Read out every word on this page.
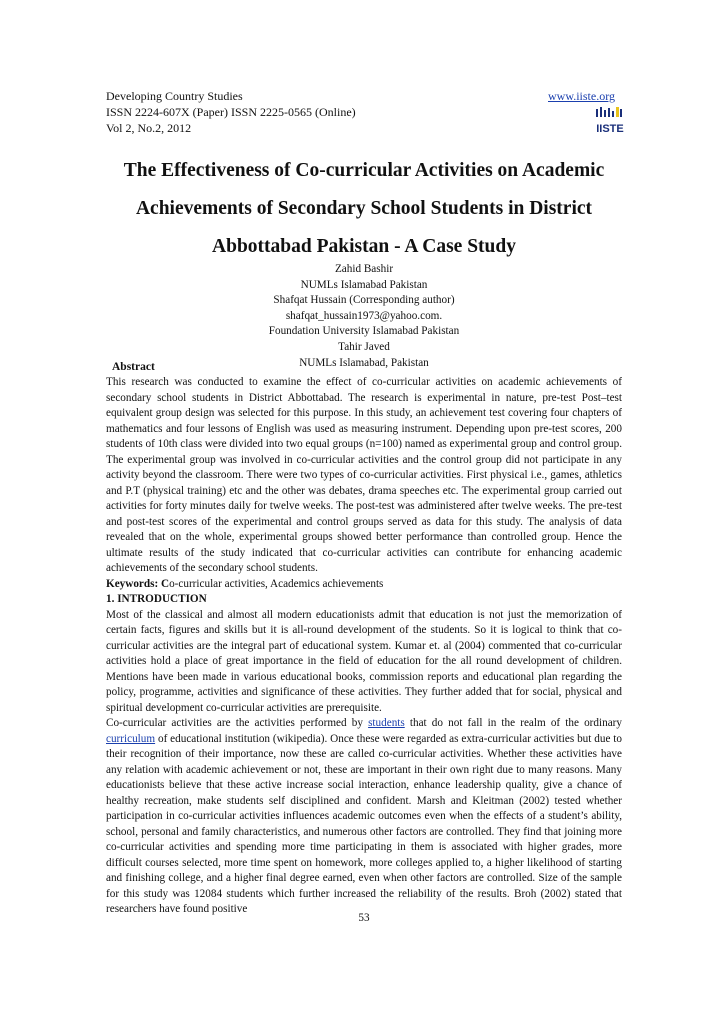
Developing Country Studies
ISSN 2224-607X (Paper) ISSN 2225-0565 (Online)
Vol 2, No.2, 2012
www.iiste.org
IISTE
The Effectiveness of Co-curricular Activities on Academic
Achievements of Secondary School Students in District
Abbottabad Pakistan - A Case Study
Zahid Bashir
NUMLs Islamabad Pakistan
Shafqat Hussain (Corresponding author)
shafqat_hussain1973@yahoo.com.
Foundation University Islamabad Pakistan
Tahir Javed
NUMLs Islamabad, Pakistan
Abstract

This research was conducted to examine the effect of co-curricular activities on academic achievements of secondary school students in District Abbottabad. The research is experimental in nature, pre-test Post–test equivalent group design was selected for this purpose. In this study, an achievement test covering four chapters of mathematics and four lessons of English was used as measuring instrument. Depending upon pre-test scores, 200 students of 10th class were divided into two equal groups (n=100) named as experimental group and control group. The experimental group was involved in co-curricular activities and the control group did not participate in any activity beyond the classroom. There were two types of co-curricular activities. First physical i.e., games, athletics and P.T (physical training) etc and the other was debates, drama speeches etc. The experimental group carried out activities for forty minutes daily for twelve weeks. The post-test was administered after twelve weeks. The pre-test and post-test scores of the experimental and control groups served as data for this study. The analysis of data revealed that on the whole, experimental groups showed better performance than controlled group. Hence the ultimate results of the study indicated that co-curricular activities can contribute for enhancing academic achievements of the secondary school students.

Keywords: Co-curricular activities, Academics achievements

1. INTRODUCTION

Most of the classical and almost all modern educationists admit that education is not just the memorization of certain facts, figures and skills but it is all-round development of the students. So it is logical to think that co-curricular activities are the integral part of educational system. Kumar et. al (2004) commented that co-curricular activities hold a place of great importance in the field of education for the all round development of children. Mentions have been made in various educational books, commission reports and educational plan regarding the policy, programme, activities and significance of these activities. They further added that for social, physical and spiritual development co-curricular activities are prerequisite.

Co-curricular activities are the activities performed by students that do not fall in the realm of the ordinary curriculum of educational institution (wikipedia). Once these were regarded as extra-curricular activities but due to their recognition of their importance, now these are called co-curricular activities. Whether these activities have any relation with academic achievement or not, these are important in their own right due to many reasons. Many educationists believe that these active increase social interaction, enhance leadership quality, give a chance of healthy recreation, make students self disciplined and confident. Marsh and Kleitman (2002) tested whether participation in co-curricular activities influences academic outcomes even when the effects of a student’s ability, school, personal and family characteristics, and numerous other factors are controlled. They find that joining more co-curricular activities and spending more time participating in them is associated with higher grades, more difficult courses selected, more time spent on homework, more colleges applied to, a higher likelihood of starting and finishing college, and a higher final degree earned, even when other factors are controlled. Size of the sample for this study was 12084 students which further increased the reliability of the results. Broh (2002) stated that researchers have found positive

53
